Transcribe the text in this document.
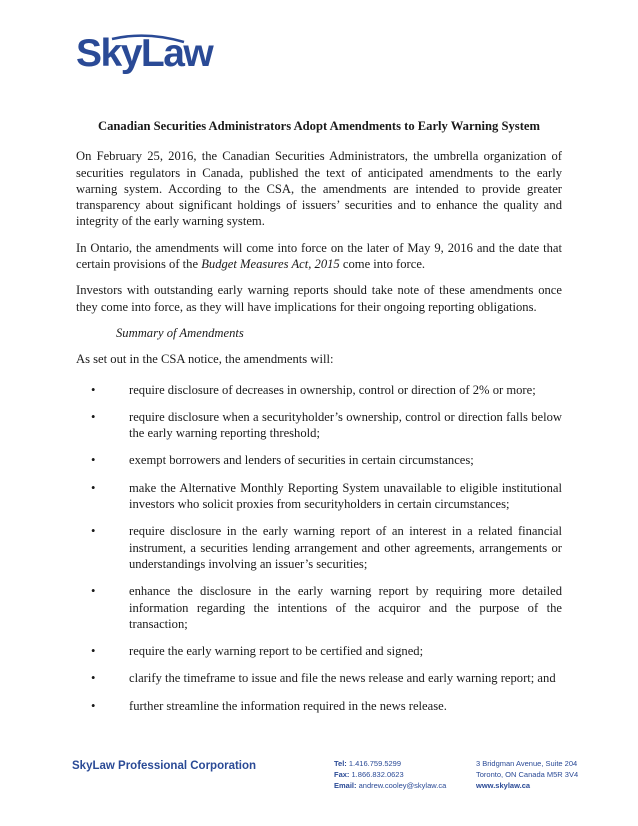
SkyLaw
Canadian Securities Administrators Adopt Amendments to Early Warning System

On February 25, 2016, the Canadian Securities Administrators, the umbrella organization of securities regulators in Canada, published the text of anticipated amendments to the early warning system. According to the CSA, the amendments are intended to provide greater transparency about significant holdings of issuers’ securities and to enhance the quality and integrity of the early warning system.

In Ontario, the amendments will come into force on the later of May 9, 2016 and the date that certain provisions of the Budget Measures Act, 2015 come into force.

Investors with outstanding early warning reports should take note of these amendments once they come into force, as they will have implications for their ongoing reporting obligations.

Summary of Amendments

As set out in the CSA notice, the amendments will:

•	require disclosure of decreases in ownership, control or direction of 2% or more;
•	require disclosure when a securityholder’s ownership, control or direction falls below the early warning reporting threshold;
•	exempt borrowers and lenders of securities in certain circumstances;
•	make the Alternative Monthly Reporting System unavailable to eligible institutional investors who solicit proxies from securityholders in certain circumstances;
•	require disclosure in the early warning report of an interest in a related financial instrument, a securities lending arrangement and other agreements, arrangements or understandings involving an issuer’s securities;
•	enhance the disclosure in the early warning report by requiring more detailed information regarding the intentions of the acquiror and the purpose of the transaction;
•	require the early warning report to be certified and signed;
•	clarify the timeframe to issue and file the news release and early warning report; and
•	further streamline the information required in the news release.
SkyLaw Professional Corporation	Tel: 1.416.759.5299
Fax: 1.866.832.0623
Email: andrew.cooley@skylaw.ca
3 Bridgman Avenue, Suite 204
Toronto, ON Canada M5R 3V4
www.skylaw.ca
